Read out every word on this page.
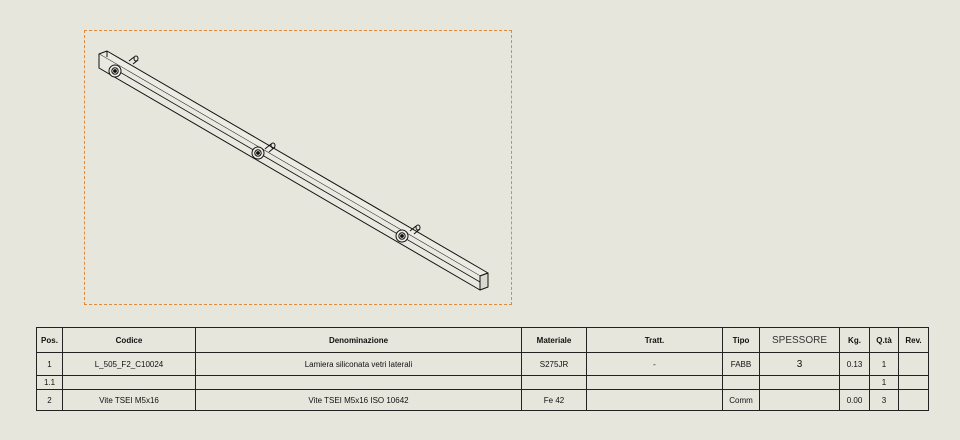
Pos.	Codice	Denominazione	Materiale	Tratt.	Tipo	SPESSORE	Kg.	Q.tà	Rev.
1	L_505_F2_C10024	Lamiera siliconata vetri laterali	S275JR	-	FABB	3	0.13	1	
1.1								1	
2	Vite TSEI M5x16	Vite TSEI M5x16 ISO 10642	Fe 42		Comm		0.00	3	
